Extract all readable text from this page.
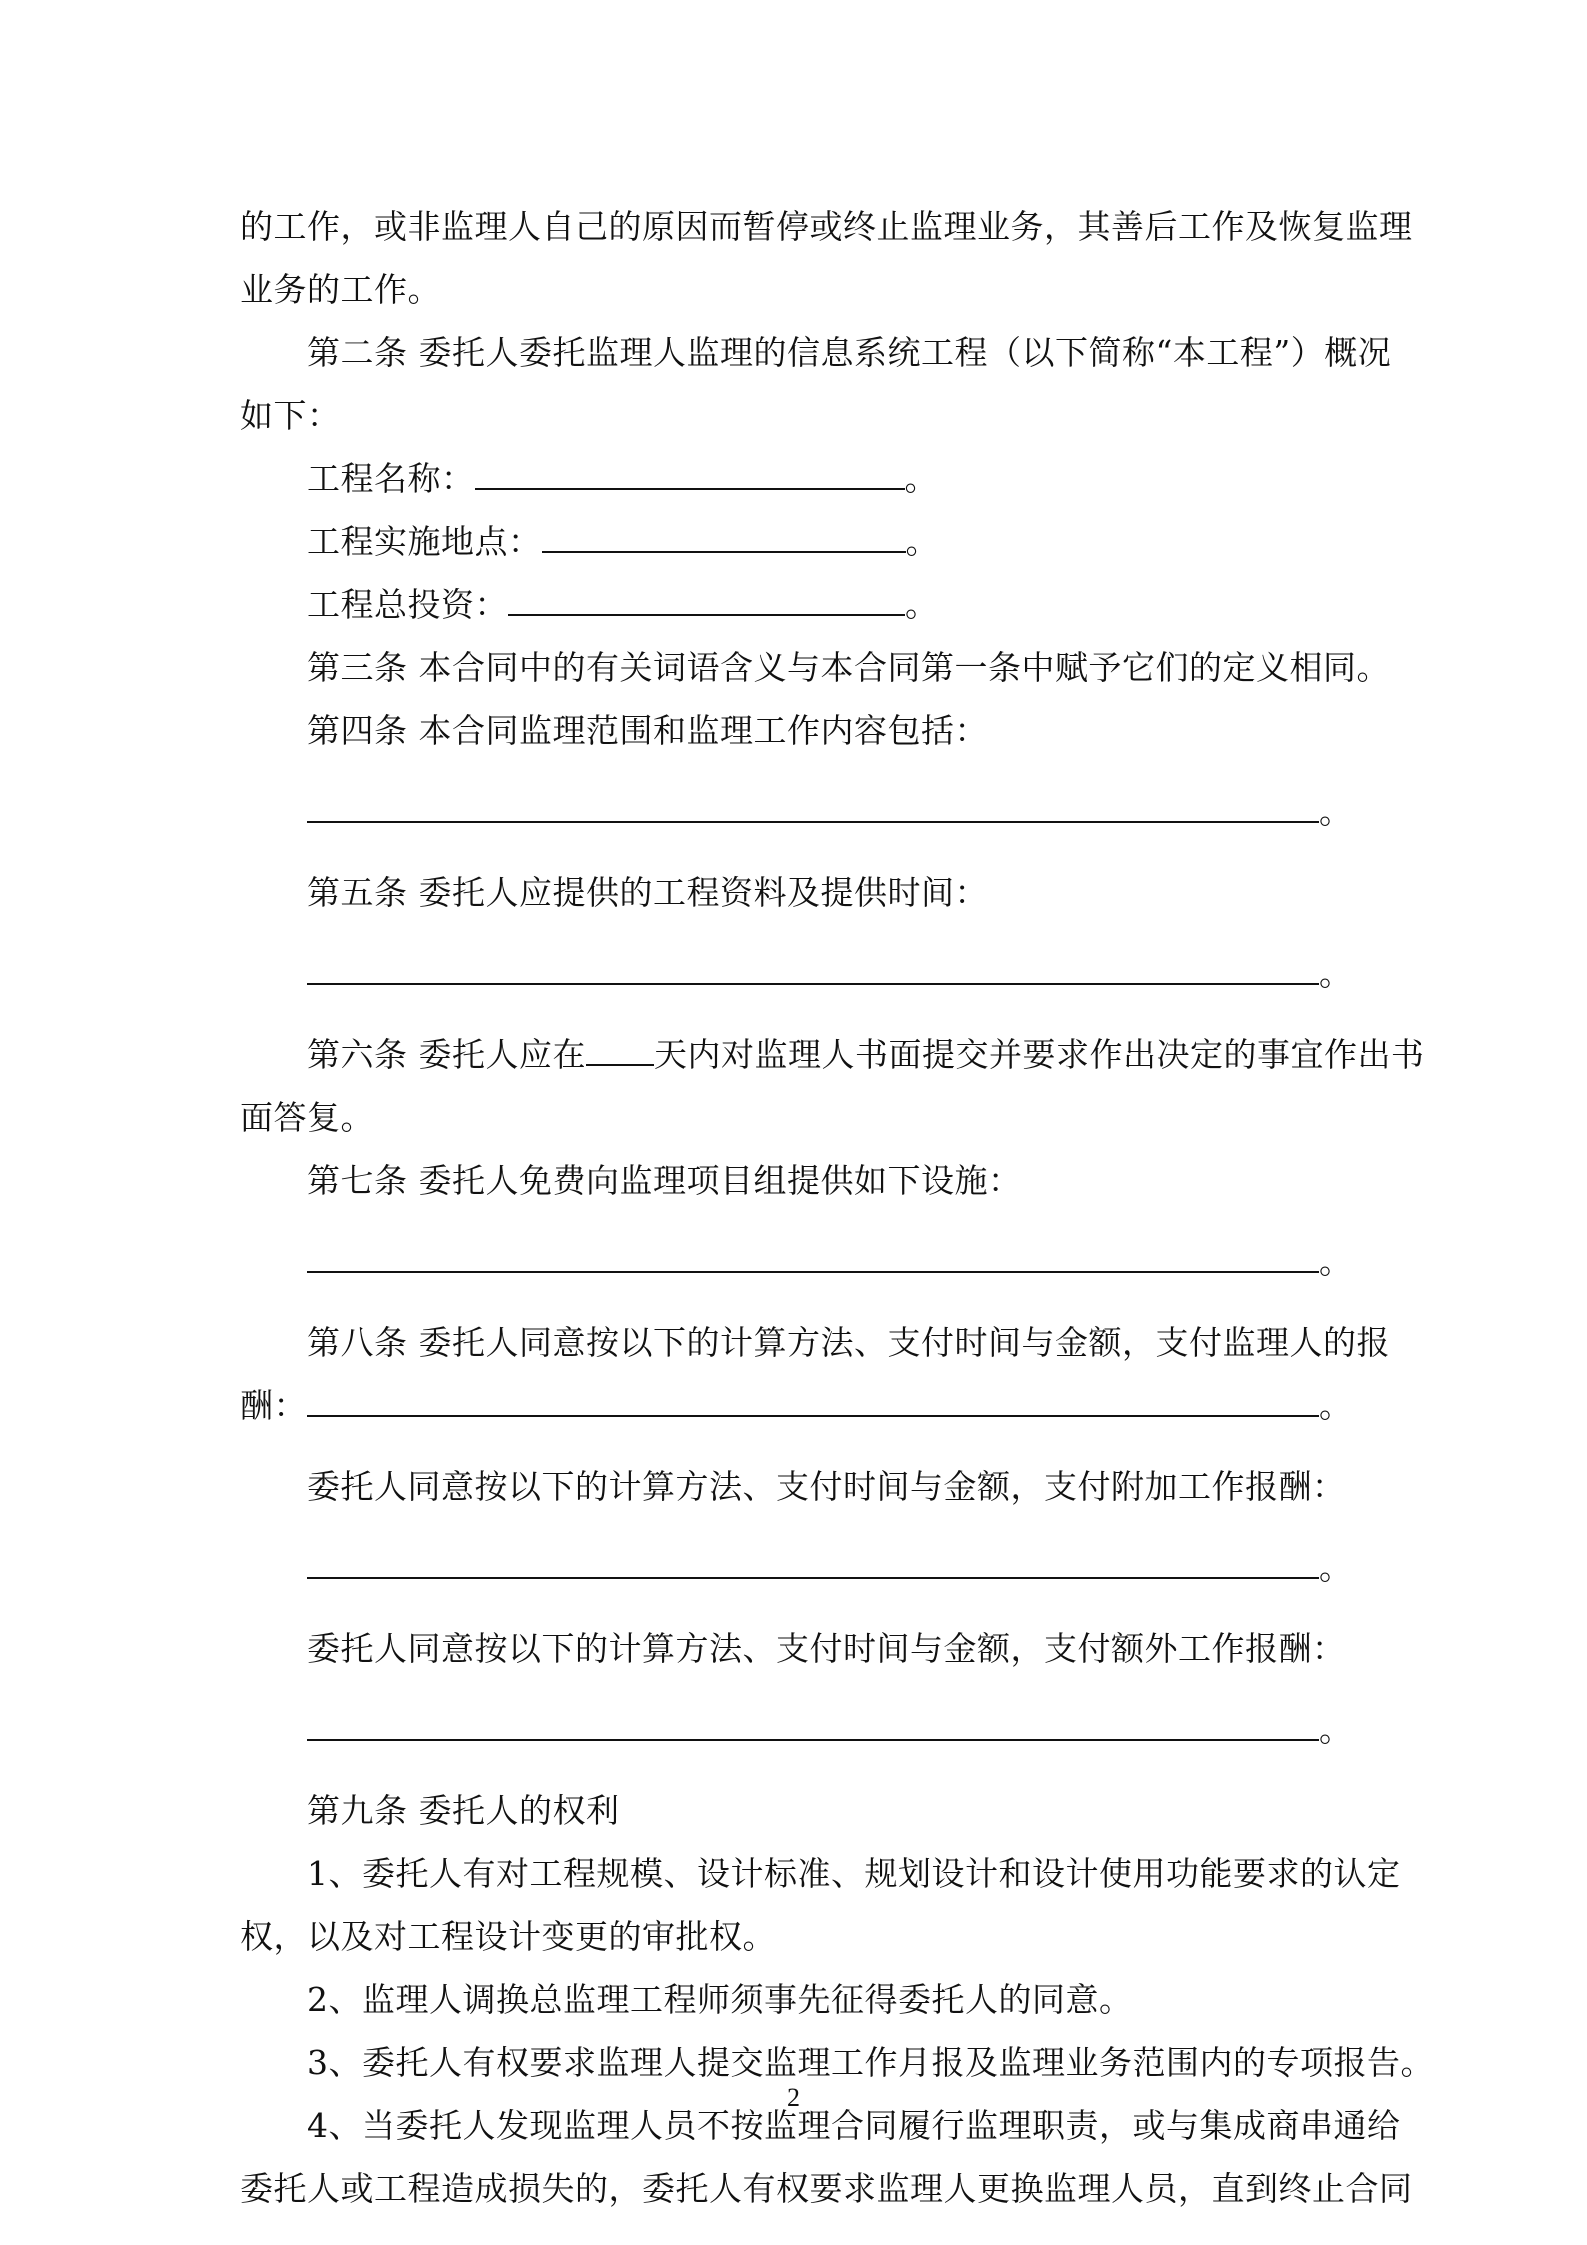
的工作，或非监理人自己的原因而暂停或终止监理业务，其善后工作及恢复监理

业务的工作。

第二条 委托人委托监理人监理的信息系统工程（以下简称“本工程”）概况

如下：

工程名称：	。

工程实施地点：	。

工程总投资：	。

第三条 本合同中的有关词语含义与本合同第一条中赋予它们的定义相同。

第四条 本合同监理范围和监理工作内容包括：

。

第五条 委托人应提供的工程资料及提供时间：

。

第六条 委托人应在 天内对监理人书面提交并要求作出决定的事宜作出书

面答复。

第七条 委托人免费向监理项目组提供如下设施：

。

第八条 委托人同意按以下的计算方法、支付时间与金额，支付监理人的报

酬：	。

委托人同意按以下的计算方法、支付时间与金额，支付附加工作报酬：

。

委托人同意按以下的计算方法、支付时间与金额，支付额外工作报酬：

。

第九条 委托人的权利

1、委托人有对工程规模、设计标准、规划设计和设计使用功能要求的认定

权，以及对工程设计变更的审批权。

2、监理人调换总监理工程师须事先征得委托人的同意。

3、委托人有权要求监理人提交监理工作月报及监理业务范围内的专项报告。

4、当委托人发现监理人员不按监理合同履行监理职责，或与集成商串通给

委托人或工程造成损失的，委托人有权要求监理人更换监理人员，直到终止合同

2
